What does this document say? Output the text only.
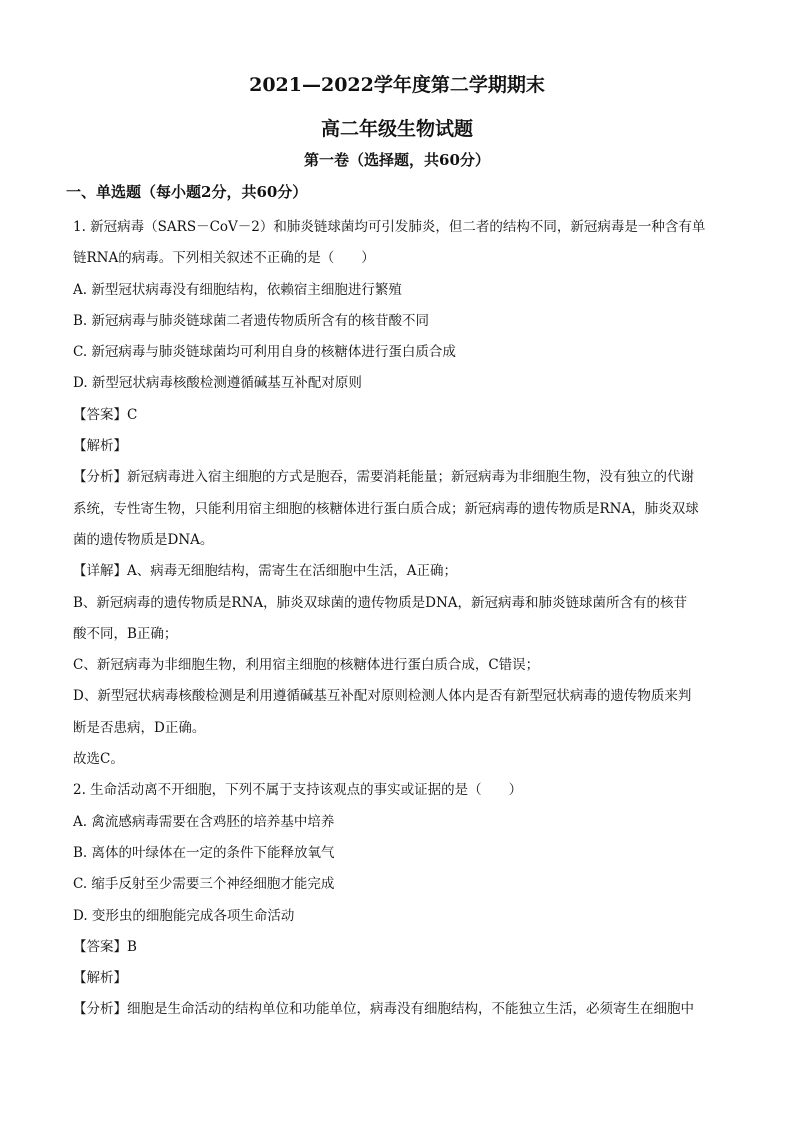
2021—2022学年度第二学期期末
高二年级生物试题
第一卷（选择题，共60分）
一、单选题（每小题2分，共60分）
1. 新冠病毒（SARS－CoV－2）和肺炎链球菌均可引发肺炎，但二者的结构不同，新冠病毒是一种含有单
链RNA的病毒。下列相关叙述不正确的是（　　）
A. 新型冠状病毒没有细胞结构，依赖宿主细胞进行繁殖
B. 新冠病毒与肺炎链球菌二者遗传物质所含有的核苷酸不同
C. 新冠病毒与肺炎链球菌均可利用自身的核糖体进行蛋白质合成
D. 新型冠状病毒核酸检测遵循碱基互补配对原则
【答案】C
【解析】
【分析】新冠病毒进入宿主细胞的方式是胞吞，需要消耗能量；新冠病毒为非细胞生物，没有独立的代谢
系统，专性寄生物，只能利用宿主细胞的核糖体进行蛋白质合成；新冠病毒的遗传物质是RNA，肺炎双球
菌的遗传物质是DNA。
【详解】A、病毒无细胞结构，需寄生在活细胞中生活，A正确；
B、新冠病毒的遗传物质是RNA，肺炎双球菌的遗传物质是DNA，新冠病毒和肺炎链球菌所含有的核苷
酸不同，B正确；
C、新冠病毒为非细胞生物，利用宿主细胞的核糖体进行蛋白质合成，C错误；
D、新型冠状病毒核酸检测是利用遵循碱基互补配对原则检测人体内是否有新型冠状病毒的遗传物质来判
断是否患病，D正确。
故选C。
2. 生命活动离不开细胞，下列不属于支持该观点的事实或证据的是（　　）
A. 禽流感病毒需要在含鸡胚的培养基中培养
B. 离体的叶绿体在一定的条件下能释放氧气
C. 缩手反射至少需要三个神经细胞才能完成
D. 变形虫的细胞能完成各项生命活动
【答案】B
【解析】
【分析】细胞是生命活动的结构单位和功能单位，病毒没有细胞结构，不能独立生活，必须寄生在细胞中
